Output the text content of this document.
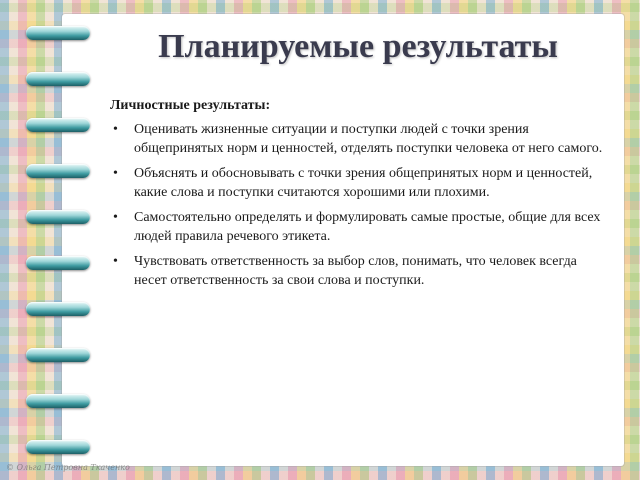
Планируемые результаты

Личностные результаты:

• Оценивать жизненные ситуации и поступки людей с точки зрения общепринятых норм и ценностей, отделять поступки человека от него самого.
• Объяснять и обосновывать с точки зрения общепринятых норм и ценностей, какие слова и поступки считаются хорошими или плохими.
• Самостоятельно определять и формулировать самые простые, общие для всех людей правила речевого этикета.
• Чувствовать ответственность за выбор слов, понимать, что человек всегда несет ответственность за свои слова и поступки.
© Ольга Петровна Ткаченко
